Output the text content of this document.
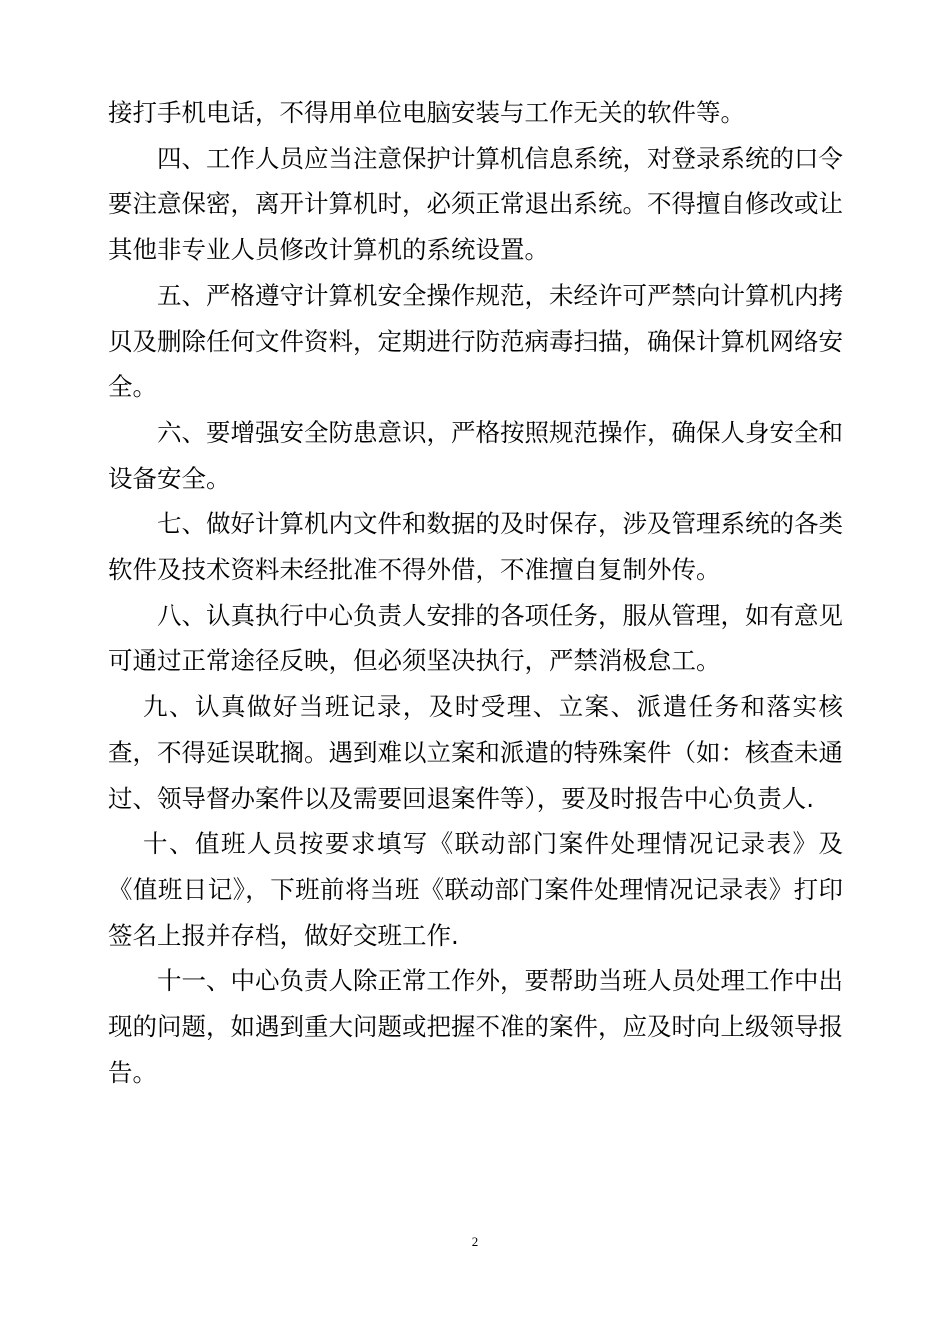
接打手机电话，不得用单位电脑安装与工作无关的软件等。

四、工作人员应当注意保护计算机信息系统，对登录系统的口令要注意保密，离开计算机时，必须正常退出系统。不得擅自修改或让其他非专业人员修改计算机的系统设置。

五、严格遵守计算机安全操作规范，未经许可严禁向计算机内拷贝及删除任何文件资料，定期进行防范病毒扫描，确保计算机网络安全。

六、要增强安全防患意识，严格按照规范操作，确保人身安全和设备安全。

七、做好计算机内文件和数据的及时保存，涉及管理系统的各类软件及技术资料未经批准不得外借，不准擅自复制外传。

八、认真执行中心负责人安排的各项任务，服从管理，如有意见可通过正常途径反映，但必须坚决执行，严禁消极怠工。

九、认真做好当班记录，及时受理、立案、派遣任务和落实核查，不得延误耽搁。遇到难以立案和派遣的特殊案件（如：核查未通过、领导督办案件以及需要回退案件等），要及时报告中心负责人.

十、值班人员按要求填写《联动部门案件处理情况记录表》及《值班日记》，下班前将当班《联动部门案件处理情况记录表》打印签名上报并存档，做好交班工作.

十一、中心负责人除正常工作外，要帮助当班人员处理工作中出现的问题，如遇到重大问题或把握不准的案件，应及时向上级领导报告。

2
